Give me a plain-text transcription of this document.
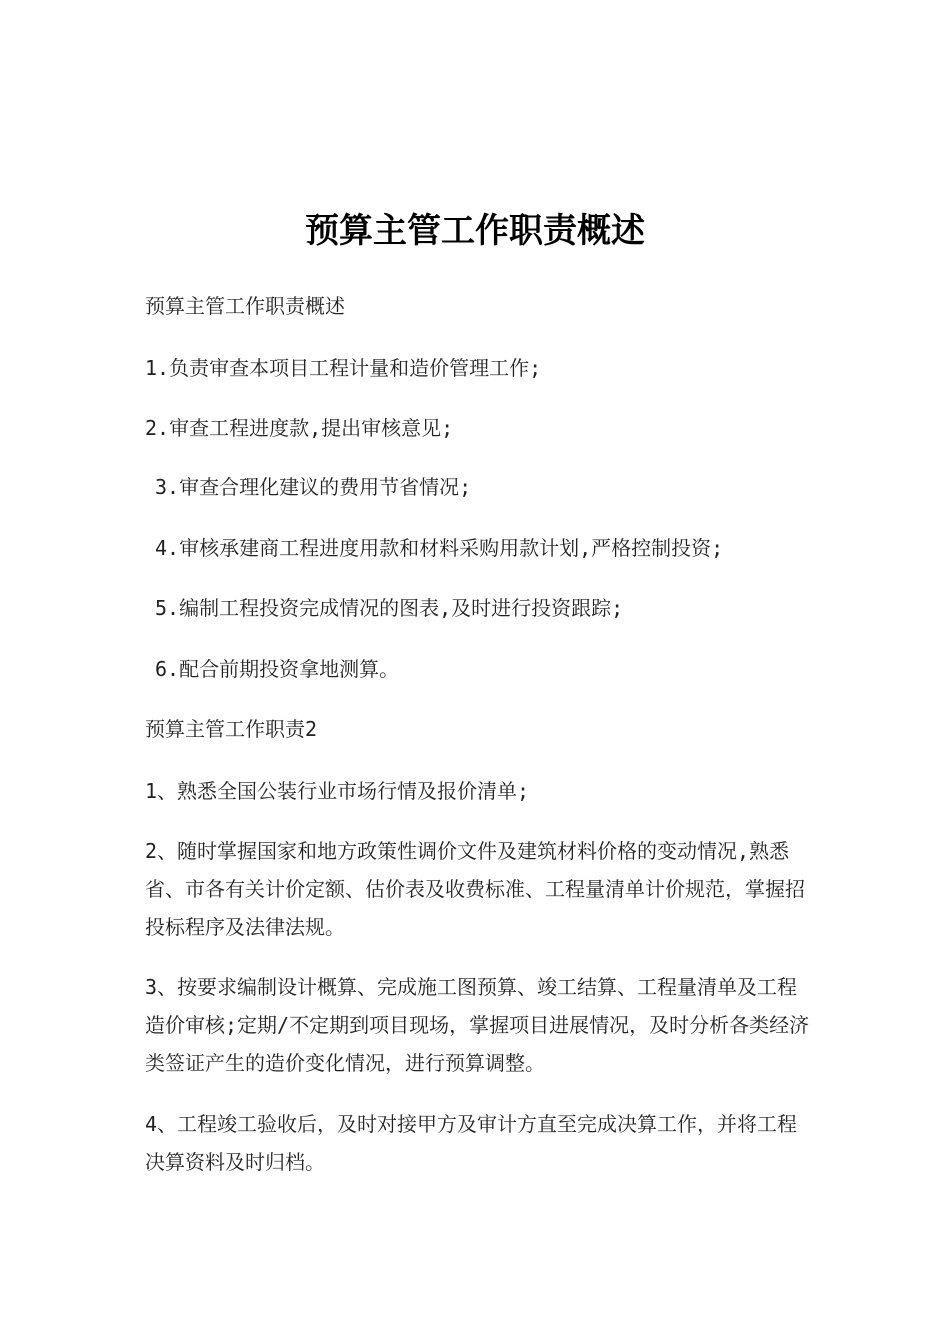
预算主管工作职责概述

预算主管工作职责概述

1.负责审查本项目工程计量和造价管理工作;

2.审查工程进度款,提出审核意见;

3.审查合理化建议的费用节省情况;

4.审核承建商工程进度用款和材料采购用款计划,严格控制投资;

5.编制工程投资完成情况的图表,及时进行投资跟踪;

6.配合前期投资拿地测算。

预算主管工作职责2

1、熟悉全国公装行业市场行情及报价清单;

2、随时掌握国家和地方政策性调价文件及建筑材料价格的变动情况,熟悉省、市各有关计价定额、估价表及收费标准、工程量清单计价规范，掌握招投标程序及法律法规。

3、按要求编制设计概算、完成施工图预算、竣工结算、工程量清单及工程造价审核;定期/不定期到项目现场，掌握项目进展情况，及时分析各类经济类签证产生的造价变化情况，进行预算调整。

4、工程竣工验收后，及时对接甲方及审计方直至完成决算工作，并将工程决算资料及时归档。
